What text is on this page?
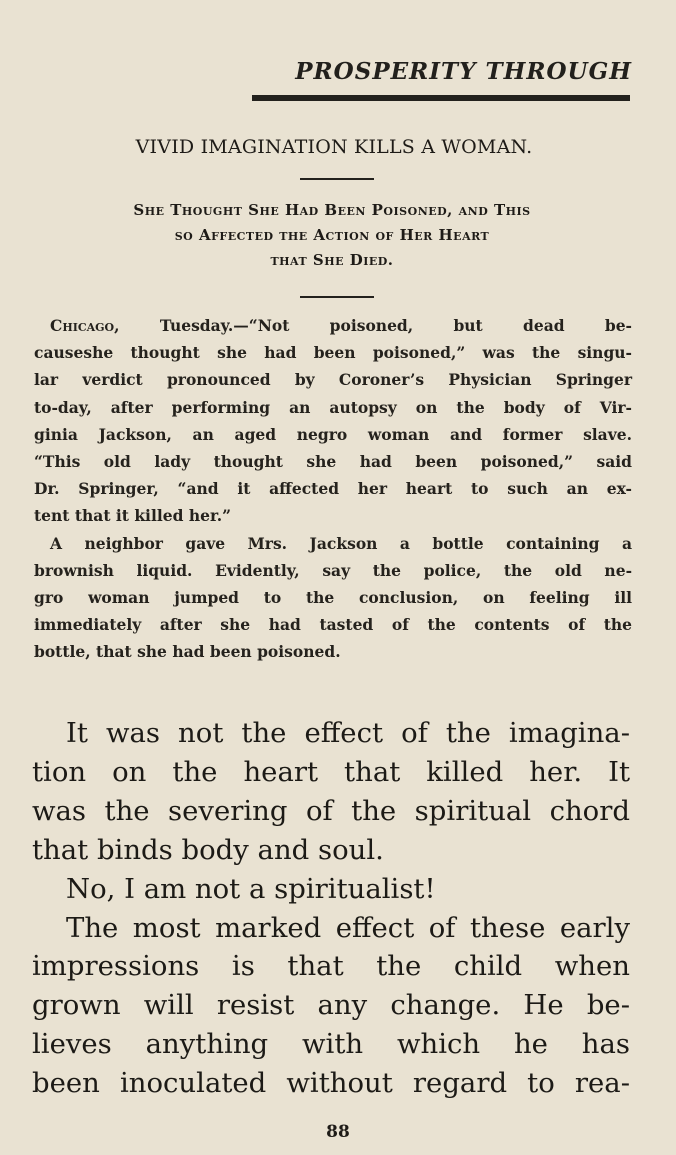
PROSPERITY THROUGH
VIVID IMAGINATION KILLS A WOMAN.
She Thought She Had Been Poisoned, and This
so Affected the Action of Her Heart
that She Died.
Chicago, Tuesday.—“Not poisoned, but dead be-
causeshe thought she had been poisoned,” was the singu-
lar verdict pronounced by Coroner’s Physician Springer
to-day, after performing an autopsy on the body of Vir-
ginia Jackson, an aged negro woman and former slave.
“This old lady thought she had been poisoned,” said
Dr. Springer, “and it affected her heart to such an ex-
tent that it killed her.”
A neighbor gave Mrs. Jackson a bottle containing a
brownish liquid. Evidently, say the police, the old ne-
gro woman jumped to the conclusion, on feeling ill
immediately after she had tasted of the contents of the
bottle, that she had been poisoned.
It was not the effect of the imagina-
tion on the heart that killed her. It
was the severing of the spiritual chord
that binds body and soul.
No, I am not a spiritualist!
The most marked effect of these early
impressions is that the child when
grown will resist any change. He be-
lieves anything with which he has
been inoculated without regard to rea-
88
